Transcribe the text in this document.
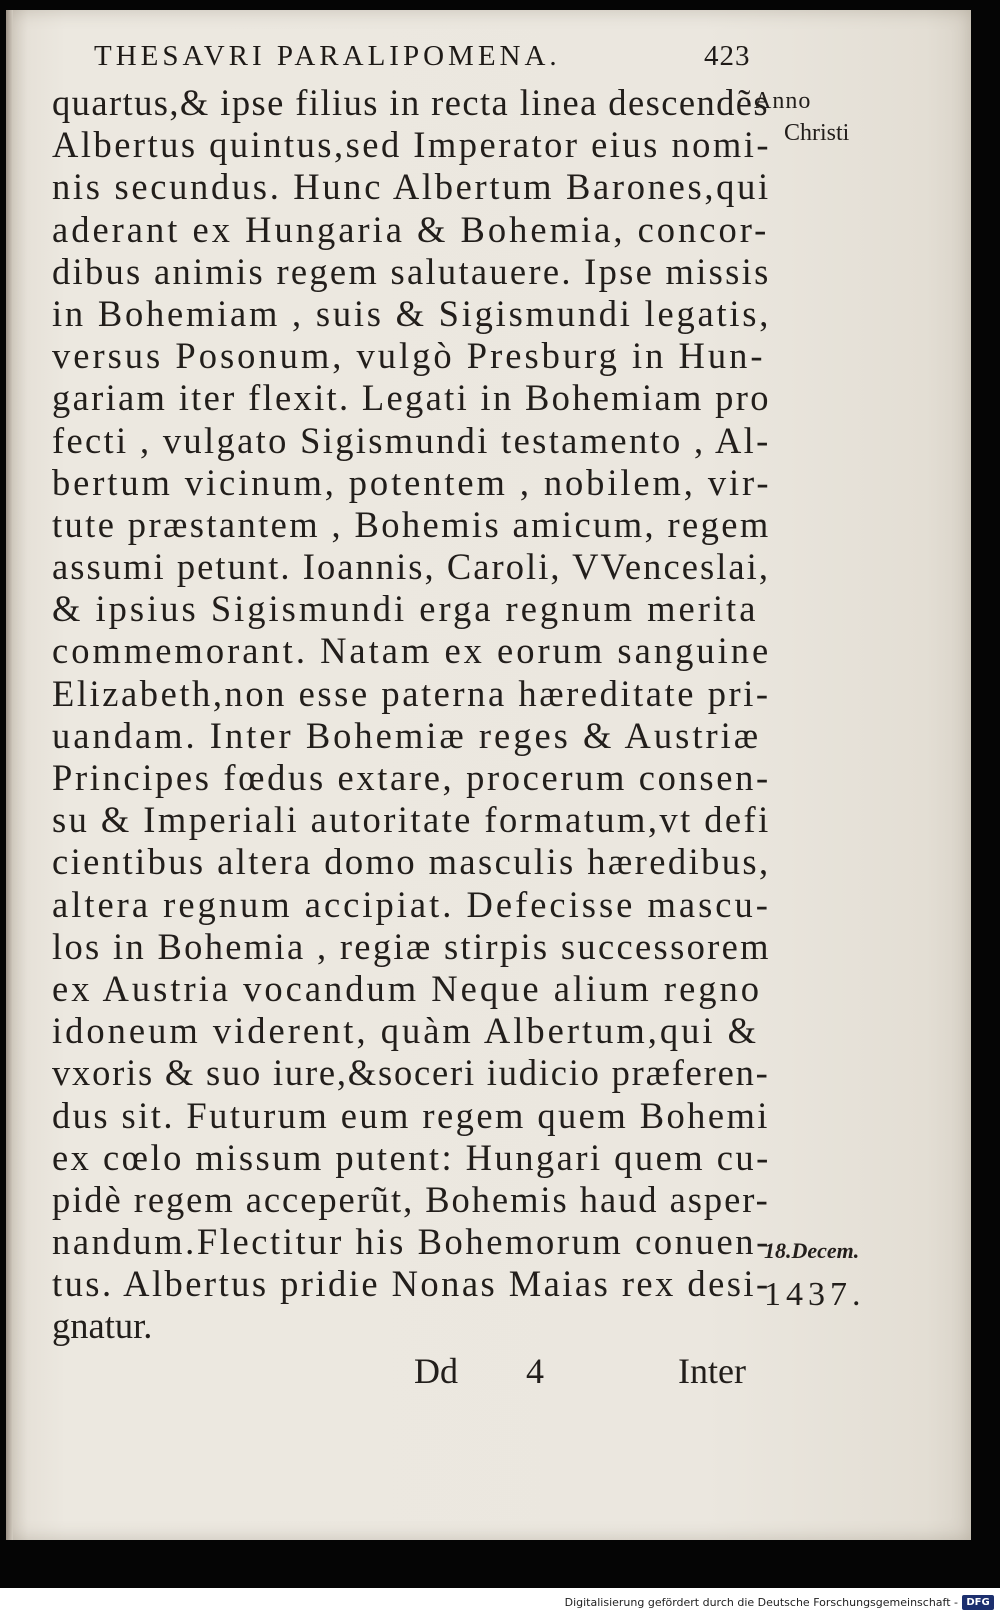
THESAVRI PARALIPOMENA.	423
quartus,& ipse filius in recta linea descendẽs
Albertus quintus,sed Imperator eius nomi-
nis secundus. Hunc Albertum Barones,qui
aderant ex Hungaria & Bohemia, concor-
dibus animis regem salutauere. Ipse missis
in Bohemiam , suis & Sigismundi legatis,
versus Posonum, vulgò Presburg in Hun-
gariam iter flexit. Legati in Bohemiam pro
fecti , vulgato Sigismundi testamento , Al-
bertum vicinum, potentem , nobilem, vir-
tute præstantem , Bohemis amicum, regem
assumi petunt. Ioannis, Caroli, VVenceslai,
& ipsius Sigismundi erga regnum merita
commemorant. Natam ex eorum sanguine
Elizabeth,non esse paterna hæreditate pri-
uandam. Inter Bohemiæ reges & Austriæ
Principes fœdus extare, procerum consen-
su & Imperiali autoritate formatum,vt defi
cientibus altera domo masculis hæredibus,
altera regnum accipiat. Defecisse mascu-
los in Bohemia , regiæ stirpis successorem
ex Austria vocandum Neque alium regno
idoneum viderent, quàm Albertum,qui &
vxoris & suo iure,&soceri iudicio præferen-
dus sit. Futurum eum regem quem Bohemi
ex cœlo missum putent: Hungari quem cu-
pidè regem acceperũt, Bohemis haud asper-
nandum.Flectitur his Bohemorum conuen-
tus. Albertus pridie Nonas Maias rex desi-
gnatur.
Anno
Christi
18.Decem.
1437.
Dd 4	Inter
Digitalisierung gefördert durch die Deutsche Forschungsgemeinschaft - DFG
